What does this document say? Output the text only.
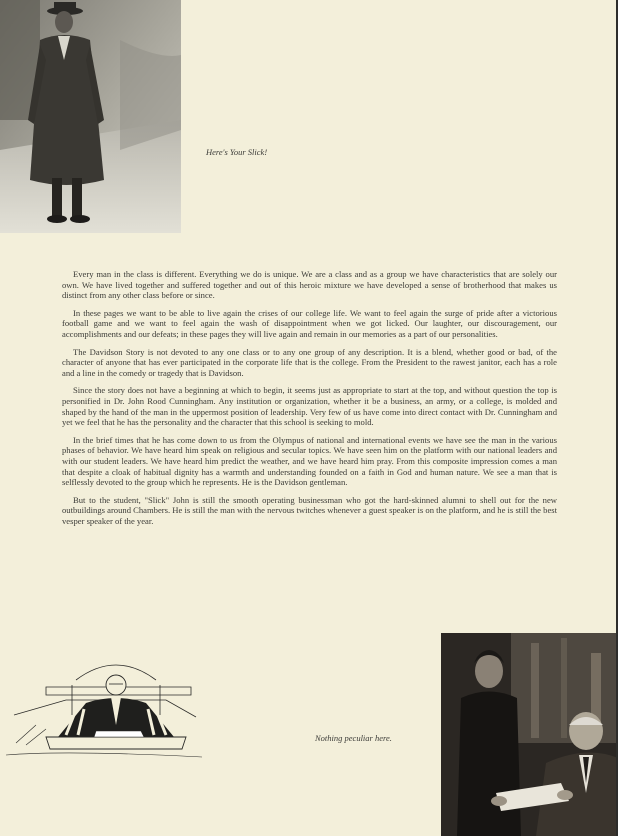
Here's Your Slick!

Every man in the class is different. Everything we do is unique. We are a class and as a group we have characteristics that are solely our own. We have lived together and suffered together and out of this heroic mixture we have developed a sense of brotherhood that makes us distinct from any other class before or since.

In these pages we want to be able to live again the crises of our college life. We want to feel again the surge of pride after a victorious football game and we want to feel again the wash of disappointment when we got licked. Our laughter, our discouragement, our accomplishments and our defeats; in these pages they will live again and remain in our memories as a part of our personalities.

The Davidson Story is not devoted to any one class or to any one group of any description. It is a blend, whether good or bad, of the character of anyone that has ever participated in the corporate life that is the college. From the President to the rawest janitor, each has a role and a line in the comedy or tragedy that is Davidson.

Since the story does not have a beginning at which to begin, it seems just as appropriate to start at the top, and without question the top is personified in Dr. John Rood Cunningham. Any institution or organization, whether it be a business, an army, or a college, is molded and shaped by the hand of the man in the uppermost position of leadership. Very few of us have come into direct contact with Dr. Cunningham and yet we feel that he has the personality and the character that this school is seeking to mold.

In the brief times that he has come down to us from the Olympus of national and international events we have see the man in the various phases of behavior. We have heard him speak on religious and secular topics. We have seen him on the platform with our national leaders and with our student leaders. We have heard him predict the weather, and we have heard him pray. From this composite impression comes a man that despite a cloak of habitual dignity has a warmth and understanding founded on a faith in God and human nature. We see a man that is selflessly devoted to the group which he represents. He is the Davidson gentleman.

But to the student, "Slick" John is still the smooth operating businessman who got the hard-skinned alumni to shell out for the new outbuildings around Chambers. He is still the man with the nervous twitches whenever a guest speaker is on the platform, and he is still the best vesper speaker of the year.

Nothing peculiar here.
